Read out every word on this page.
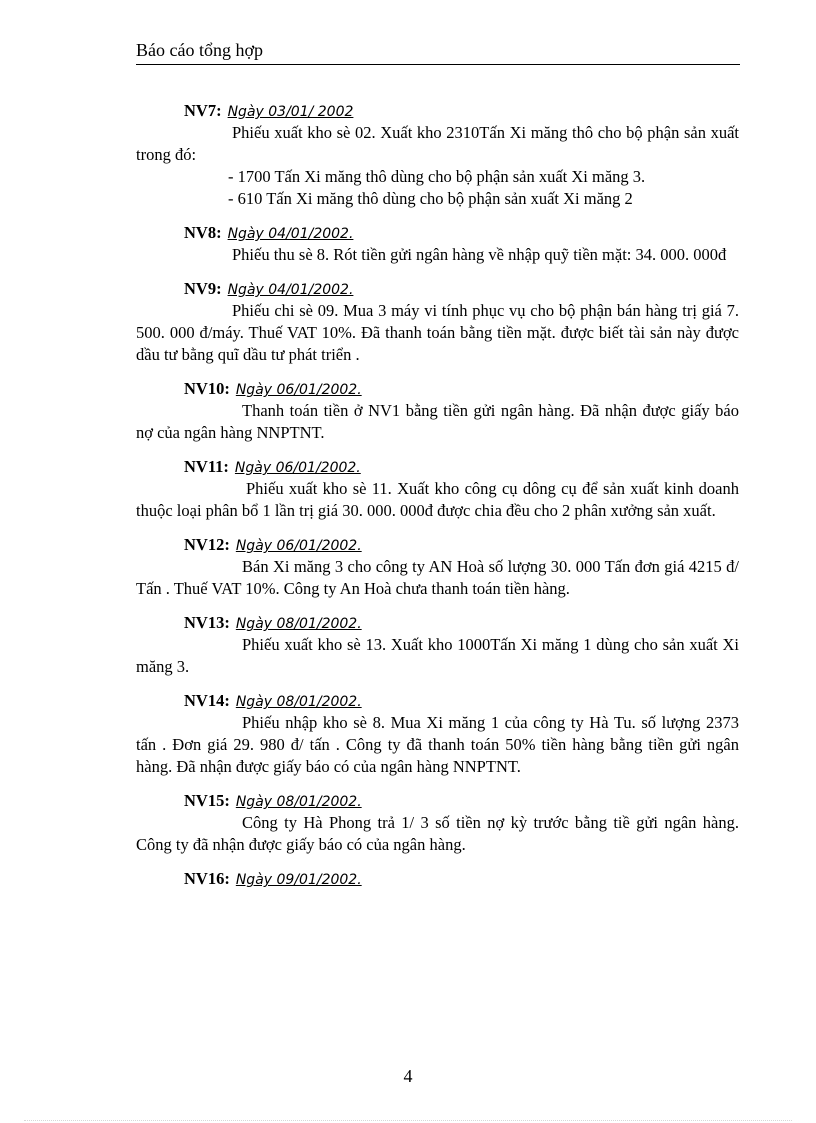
Báo cáo tổng hợp
NV7: Ngày 03/01/ 2002

Phiếu xuất kho sè 02. Xuất kho 2310Tấn Xi măng thô cho bộ phận sản xuất trong đó:

- 1700 Tấn Xi măng thô dùng cho bộ phận sản xuất Xi măng 3.

- 610 Tấn Xi măng thô dùng cho bộ phận sản xuất Xi măng 2

NV8: Ngày 04/01/2002.

Phiếu thu sè 8. Rót tiền gửi ngân hàng về nhập quỹ tiền mặt: 34. 000. 000đ

NV9: Ngày 04/01/2002.

Phiếu chi sè 09. Mua 3 máy vi tính phục vụ cho bộ phận bán hàng trị giá 7. 500. 000 đ/máy. Thuế VAT 10%. Đã thanh toán bằng tiền mặt. được biết tài sản này được dầu tư bằng quĩ dầu tư phát triển .

NV10: Ngày 06/01/2002.

Thanh toán tiền ở NV1 bằng tiền gửi ngân hàng. Đã nhận được giấy báo nợ của ngân hàng NNPTNT.

NV11: Ngày 06/01/2002.

Phiếu xuất kho sè 11. Xuất kho công cụ dông cụ để sản xuất kinh doanh thuộc loại phân bổ 1 lần trị giá 30. 000. 000đ được chia đều cho 2 phân xưởng sản xuất.

NV12: Ngày 06/01/2002.

Bán Xi măng 3 cho công ty AN Hoà số lượng 30. 000 Tấn đơn giá 4215 đ/ Tấn . Thuế VAT 10%. Công ty An Hoà chưa thanh toán tiền hàng.

NV13: Ngày 08/01/2002.

Phiếu xuất kho sè 13. Xuất kho 1000Tấn Xi măng 1 dùng cho sản xuất Xi măng 3.

NV14: Ngày 08/01/2002.

Phiếu nhập kho sè 8. Mua Xi măng 1 của công ty Hà Tu. số lượng 2373 tấn . Đơn giá 29. 980 đ/ tấn . Công ty đã thanh toán 50% tiền hàng bằng tiền gửi ngân hàng. Đã nhận được giấy báo có của ngân hàng NNPTNT.

NV15: Ngày 08/01/2002.

Công ty Hà Phong trả 1/ 3 số tiền nợ kỳ trước bằng tiề gửi ngân hàng. Công ty đã nhận được giấy báo có của ngân hàng.

NV16: Ngày 09/01/2002.
4
